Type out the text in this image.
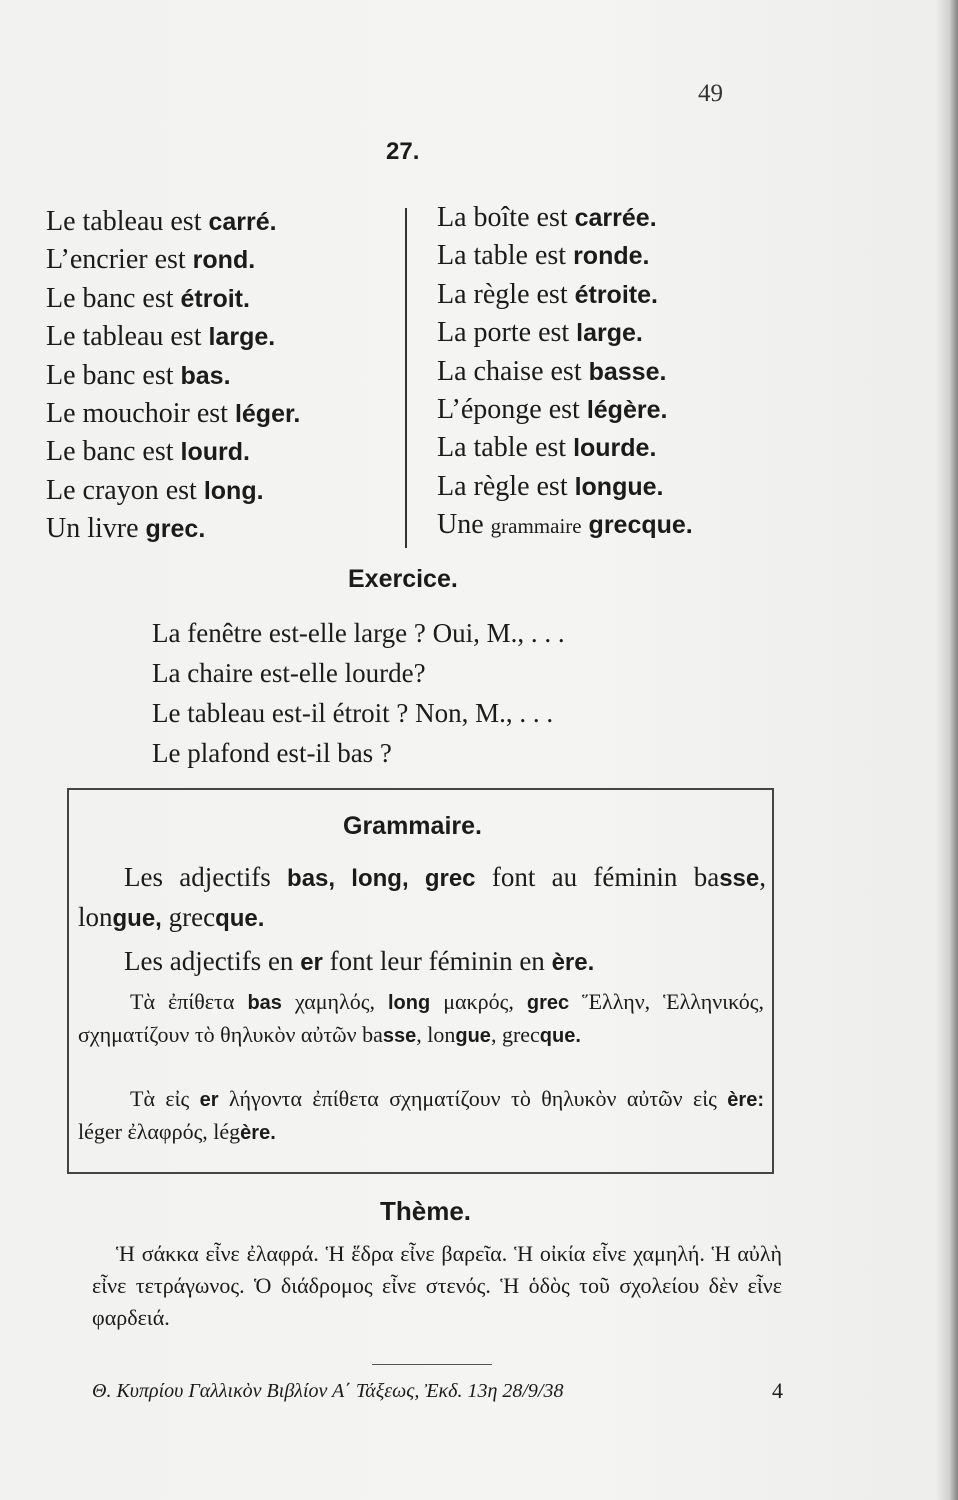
49
27.
Le tableau est carré.
L’encrier est rond.
Le banc est étroit.
Le tableau est large.
Le banc est bas.
Le mouchoir est léger.
Le banc est lourd.
Le crayon est long.
Un livre grec.
La boîte est carrée.
La table est ronde.
La règle est étroite.
La porte est large.
La chaise est basse.
L’éponge est légère.
La table est lourde.
La règle est longue.
Une grammaire grecque.
Exercice.
La fenêtre est-elle large ? Oui, M., . . .
La chaire est-elle lourde?
Le tableau est-il étroit ? Non, M., . . .
Le plafond est-il bas ?
Grammaire.
Les adjectifs bas, long, grec font au féminin basse, longue, grecque.
Les adjectifs en er font leur féminin en ère.
Τὰ ἐπίθετα bas χαμηλός, long μακρός, grec Ἕλλην, Ἑλληνικός, σχηματίζουν τὸ θηλυκὸν αὐτῶν basse, longue, grecque.
Τὰ εἰς er λήγοντα ἐπίθετα σχηματίζουν τὸ θηλυκὸν αὐτῶν εἰς ère: léger ἐλαφρός, légère.
Thème.
Ἡ σάκκα εἶνε ἐλαφρά. Ἡ ἕδρα εἶνε βαρεῖα. Ἡ οἰκία εἶνε χαμηλή. Ἡ αὐλὴ εἶνε τετράγωνος. Ὁ διάδρομος εἶνε στενός. Ἡ ὁδὸς τοῦ σχολείου δὲν εἶνε φαρδειά.
Θ. Κυπρίου Γαλλικὸν Βιβλίον Α΄ Τάξεως, Ἐκδ. 13η 28/9/38	4
